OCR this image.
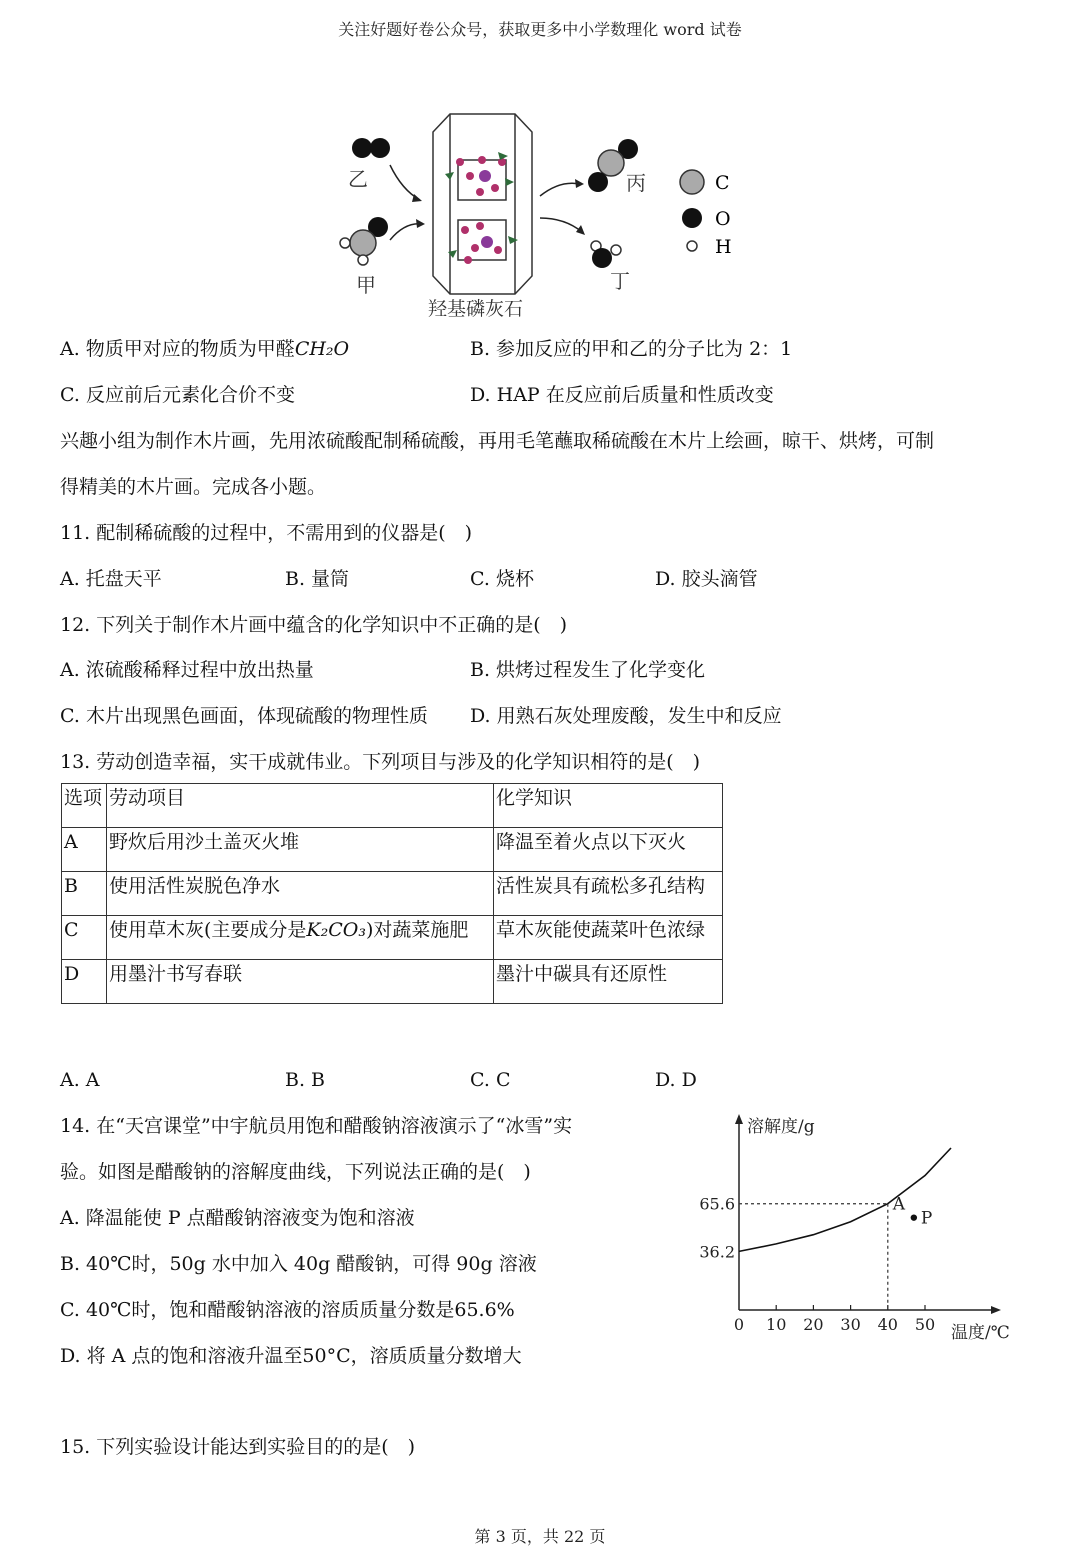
关注好题好卷公众号，获取更多中小学数理化 word 试卷
乙
甲
羟基磷灰石
丙
丁
C
O
H
A. 物质甲对应的物质为甲醛CH₂O	B. 参加反应的甲和乙的分子比为 2：1
C. 反应前后元素化合价不变	D. HAP 在反应前后质量和性质改变
兴趣小组为制作木片画，先用浓硫酸配制稀硫酸，再用毛笔蘸取稀硫酸在木片上绘画，晾干、烘烤，可制
得精美的木片画。完成各小题。
11. 配制稀硫酸的过程中，不需用到的仪器是(　)
A. 托盘天平	B. 量筒	C. 烧杯	D. 胶头滴管
12. 下列关于制作木片画中蕴含的化学知识中不正确的是(　)
A. 浓硫酸稀释过程中放出热量	B. 烘烤过程发生了化学变化
C. 木片出现黑色画面，体现硫酸的物理性质 D. 用熟石灰处理废酸，发生中和反应
13. 劳动创造幸福，实干成就伟业。下列项目与涉及的化学知识相符的是(　)
选项	劳动项目	化学知识
A	野炊后用沙土盖灭火堆	降温至着火点以下灭火
B	使用活性炭脱色净水	活性炭具有疏松多孔结构
C	使用草木灰(主要成分是K₂CO₃)对蔬菜施肥	草木灰能使蔬菜叶色浓绿
D	用墨汁书写春联	墨汁中碳具有还原性
A. A	B. B	C. C	D. D
14. 在“天宫课堂”中宇航员用饱和醋酸钠溶液演示了“冰雪”实
验。如图是醋酸钠的溶解度曲线，下列说法正确的是(　)
A. 降温能使 P 点醋酸钠溶液变为饱和溶液
B. 40℃时，50g 水中加入 40g 醋酸钠，可得 90g 溶液
C. 40℃时，饱和醋酸钠溶液的溶质质量分数是65.6%
D. 将 A 点的饱和溶液升温至50°C，溶质质量分数增大
溶解度/g
温度/℃
0 10 20 30 40 50
36.2
65.6	A
P
15. 下列实验设计能达到实验目的的是(　)
第 3 页，共 22 页
